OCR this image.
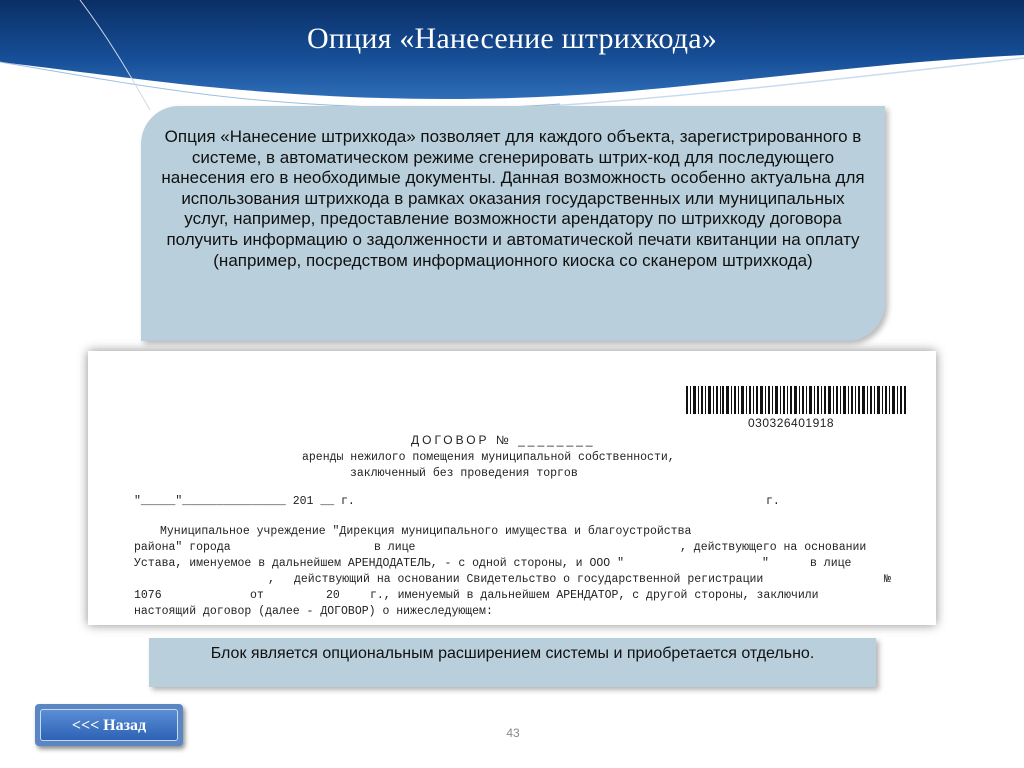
Опция «Нанесение штрихкода»
Опция «Нанесение штрихкода» позволяет для каждого объекта, зарегистрированного в системе, в автоматическом режиме сгенерировать штрих-код для последующего нанесения его в необходимые документы. Данная возможность особенно актуальна для использования штрихкода в рамках оказания государственных или муниципальных услуг, например, предоставление возможности арендатору по штрихкоду договора получить информацию о задолженности и автоматической печати квитанции на оплату (например, посредством информационного киоска со сканером штрихкода)
030326401918
ДОГОВОР № ________
аренды нежилого помещения муниципальной собственности,
заключенный без проведения торгов
"_____"_______________ 201 __ г.	г.
Муниципальное учреждение "Дирекция муниципального имущества и благоустройства
района" города	в лице	, действующего на основании
Устава, именуемое в дальнейшем АРЕНДОДАТЕЛЬ, - с одной стороны, и ООО "	"	в лице
, действующий на основании Свидетельство о государственной регистрации	№
1076	от	20	г., именуемый в дальнейшем АРЕНДАТОР, с другой стороны, заключили
настоящий договор (далее - ДОГОВОР) о нижеследующем:
Блок является опциональным расширением системы и приобретается отдельно.
<<< Назад	43
